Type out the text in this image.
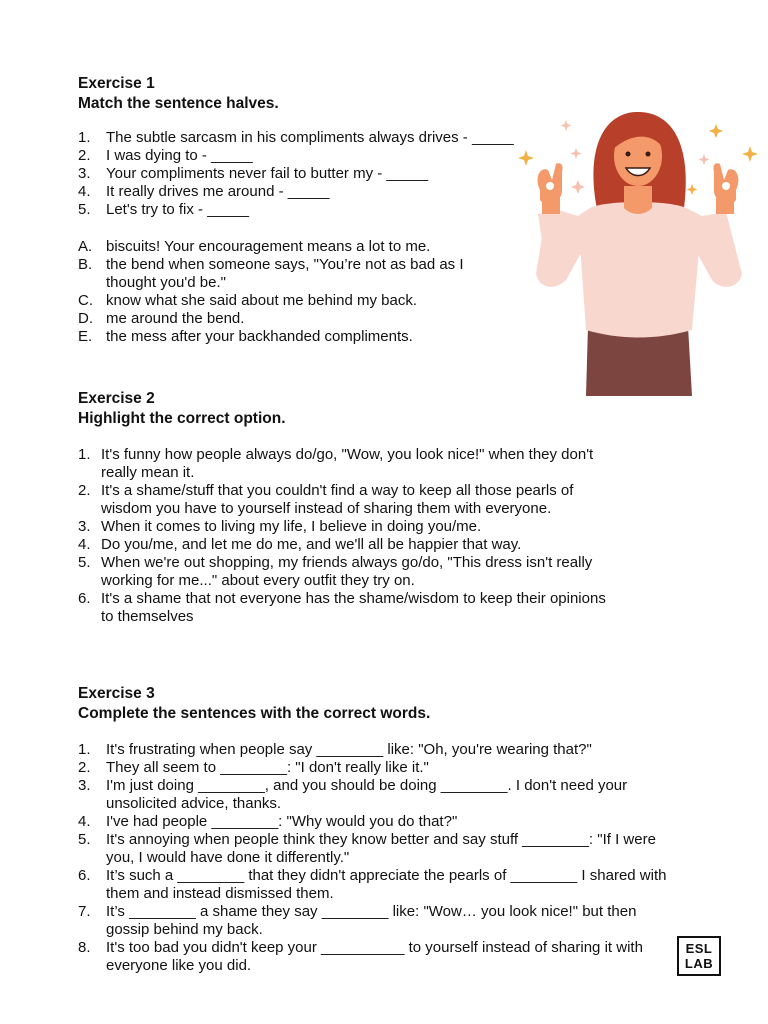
Exercise 1
Match the sentence halves.
1.	The subtle sarcasm in his compliments always drives - _____
2.	I was dying to - _____
3.	Your compliments never fail to butter my - _____
4.	It really drives me around - _____
5.	Let's try to fix - _____
A. biscuits! Your encouragement means a lot to me.
B. the bend when someone says, "You’re not as bad as I thought you'd be."
C. know what she said about me behind my back.
D. me around the bend.
E. the mess after your backhanded compliments.
Exercise 2
Highlight the correct option.
1. It's funny how people always do/go, "Wow, you look nice!" when they don't really mean it.
2. It's a shame/stuff that you couldn't find a way to keep all those pearls of wisdom you have to yourself instead of sharing them with everyone.
3. When it comes to living my life, I believe in doing you/me.
4. Do you/me, and let me do me, and we'll all be happier that way.
5. When we're out shopping, my friends always go/do, "This dress isn't really working for me..." about every outfit they try on.
6. It's a shame that not everyone has the shame/wisdom to keep their opinions to themselves
Exercise 3
Complete the sentences with the correct words.
1.	It's frustrating when people say ________ like: "Oh, you're wearing that?"
2.	They all seem to ________: "I don't really like it."
3.	I'm just doing ________, and you should be doing ________. I don't need your unsolicited advice, thanks.
4.	I've had people ________: "Why would you do that?"
5.	It's annoying when people think they know better and say stuff ________: "If I were you, I would have done it differently."
6.	It’s such a ________ that they didn't appreciate the pearls of ________ I shared with them and instead dismissed them.
7.	It’s ________ a shame they say ________ like: "Wow… you look nice!" but then gossip behind my back.
8.	It's too bad you didn't keep your __________ to yourself instead of sharing it with everyone like you did.
ESL
LAB
